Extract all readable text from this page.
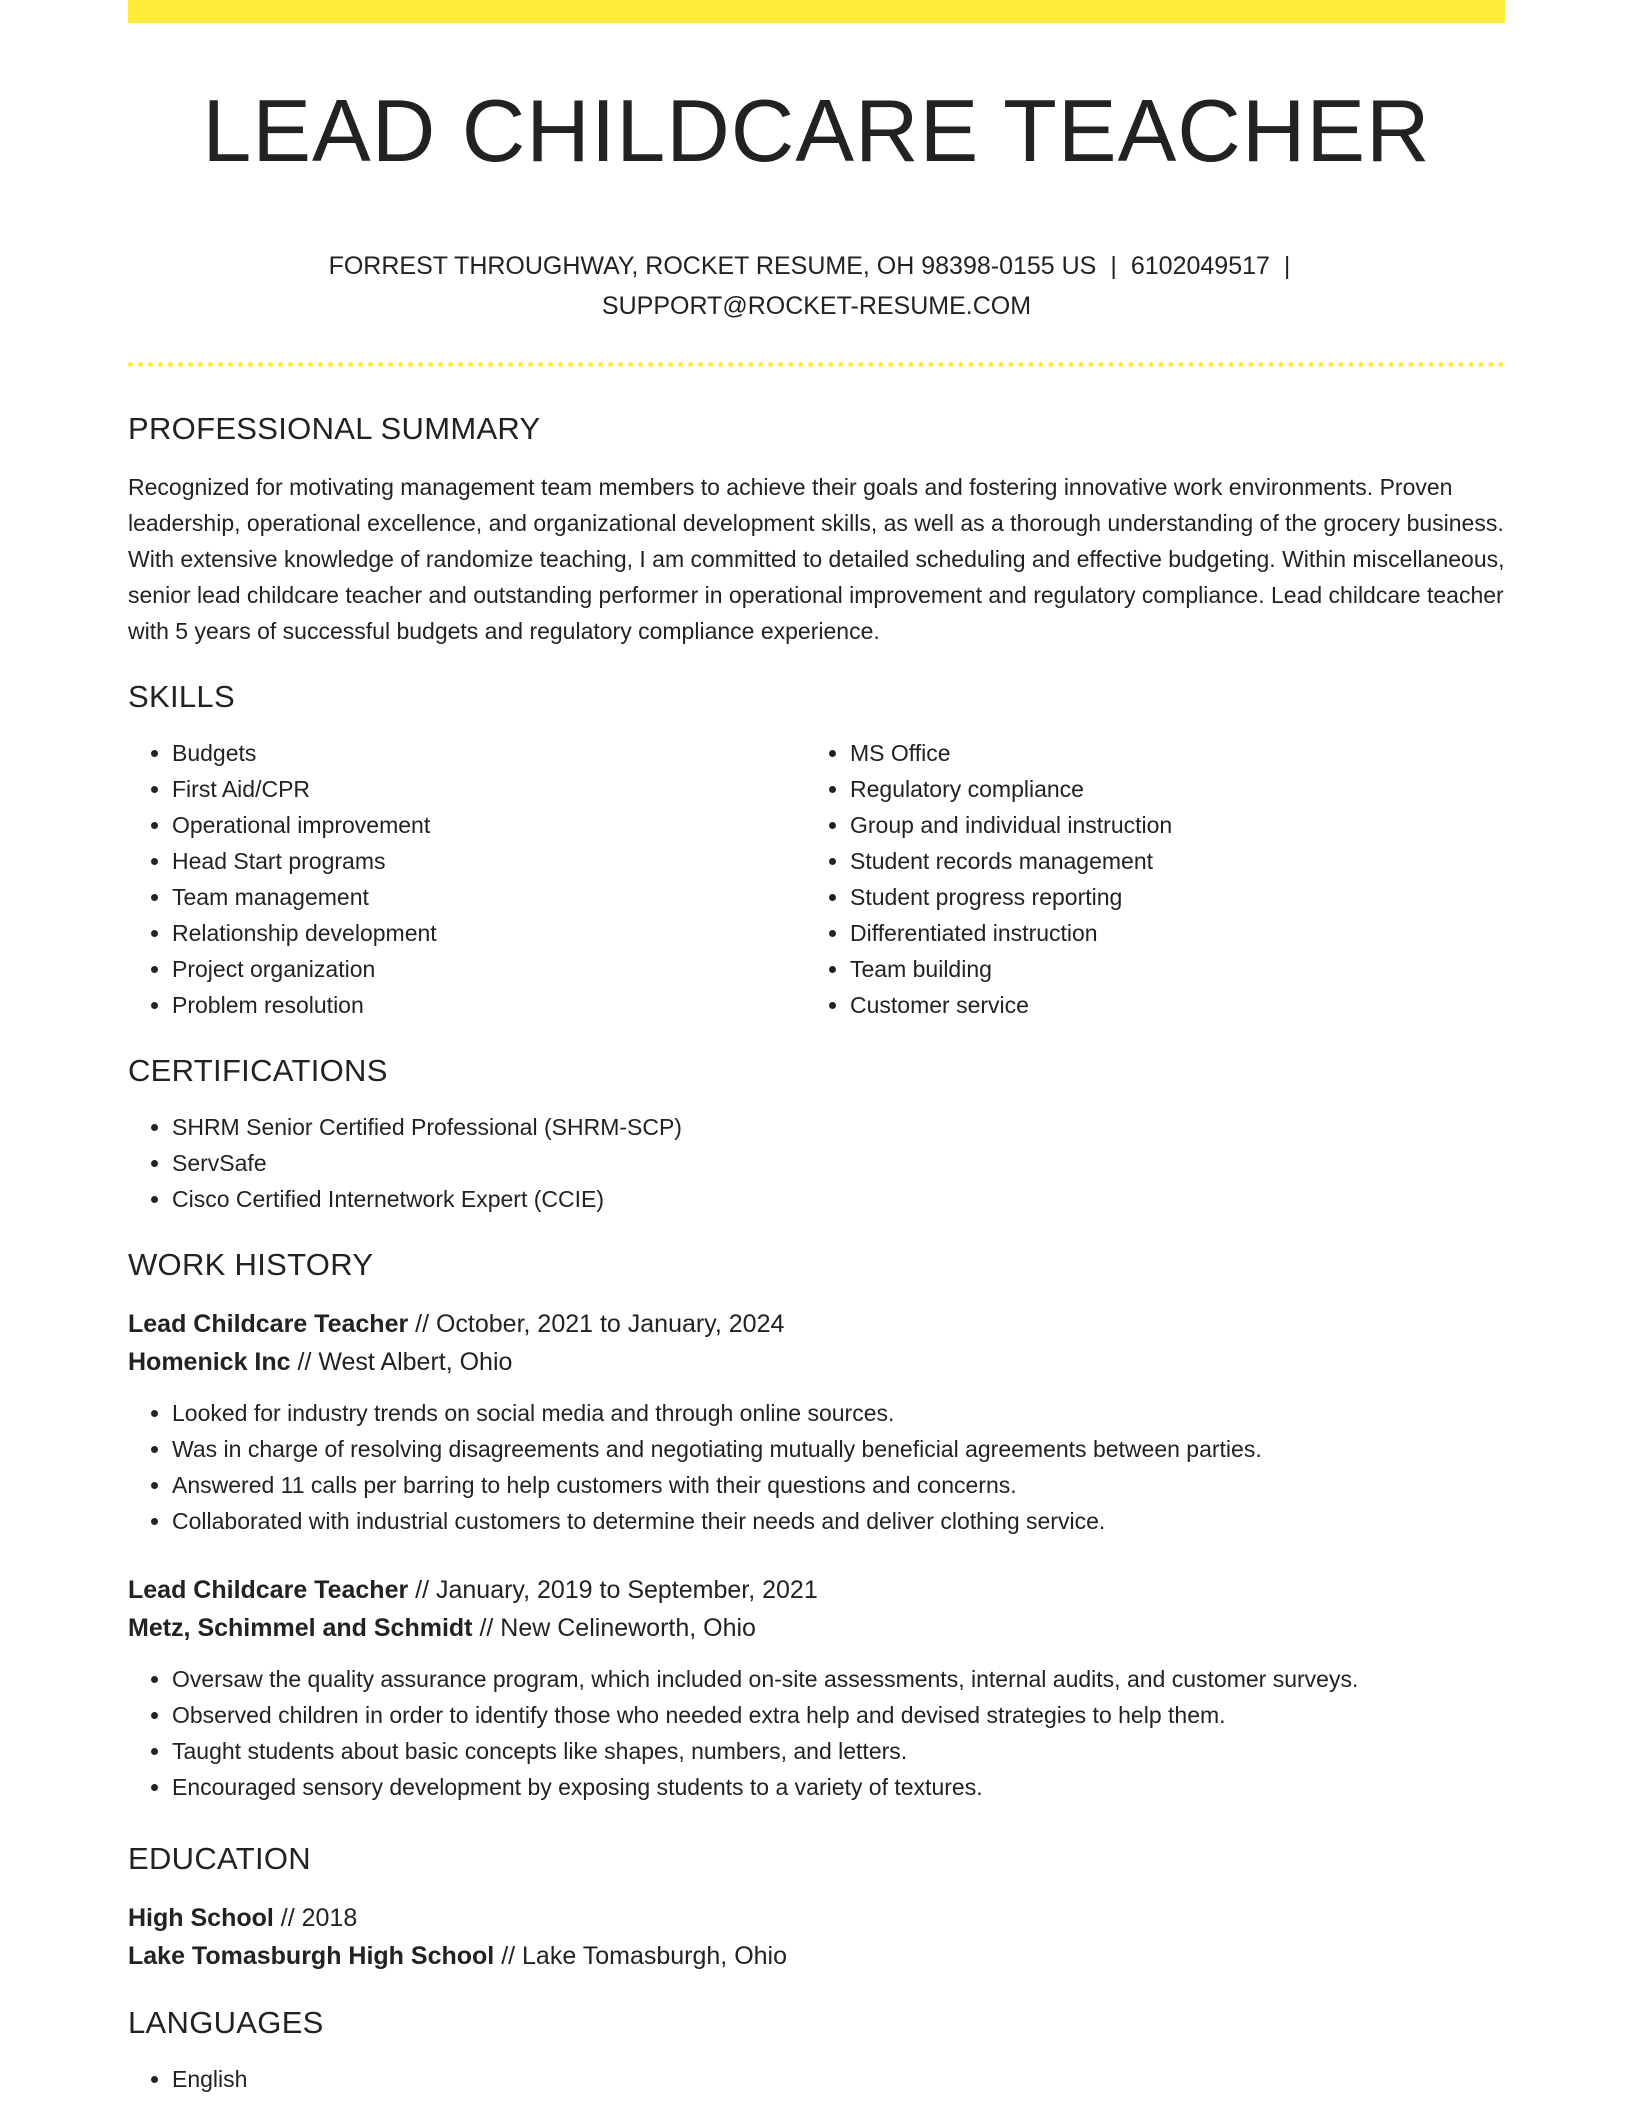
LEAD CHILDCARE TEACHER
FORREST THROUGHWAY, ROCKET RESUME, OH 98398-0155 US | 6102049517 |
SUPPORT@ROCKET-RESUME.COM
PROFESSIONAL SUMMARY
Recognized for motivating management team members to achieve their goals and fostering innovative work environments. Proven leadership, operational excellence, and organizational development skills, as well as a thorough understanding of the grocery business. With extensive knowledge of randomize teaching, I am committed to detailed scheduling and effective budgeting. Within miscellaneous, senior lead childcare teacher and outstanding performer in operational improvement and regulatory compliance. Lead childcare teacher with 5 years of successful budgets and regulatory compliance experience.
SKILLS
• Budgets
• First Aid/CPR
• Operational improvement
• Head Start programs
• Team management
• Relationship development
• Project organization
• Problem resolution
• MS Office
• Regulatory compliance
• Group and individual instruction
• Student records management
• Student progress reporting
• Differentiated instruction
• Team building
• Customer service
CERTIFICATIONS
• SHRM Senior Certified Professional (SHRM-SCP)
• ServSafe
• Cisco Certified Internetwork Expert (CCIE)
WORK HISTORY
Lead Childcare Teacher // October, 2021 to January, 2024
Homenick Inc // West Albert, Ohio
• Looked for industry trends on social media and through online sources.
• Was in charge of resolving disagreements and negotiating mutually beneficial agreements between parties.
• Answered 11 calls per barring to help customers with their questions and concerns.
• Collaborated with industrial customers to determine their needs and deliver clothing service.
Lead Childcare Teacher // January, 2019 to September, 2021
Metz, Schimmel and Schmidt // New Celineworth, Ohio
• Oversaw the quality assurance program, which included on-site assessments, internal audits, and customer surveys.
• Observed children in order to identify those who needed extra help and devised strategies to help them.
• Taught students about basic concepts like shapes, numbers, and letters.
• Encouraged sensory development by exposing students to a variety of textures.
EDUCATION
High School // 2018
Lake Tomasburgh High School // Lake Tomasburgh, Ohio
LANGUAGES
• English
